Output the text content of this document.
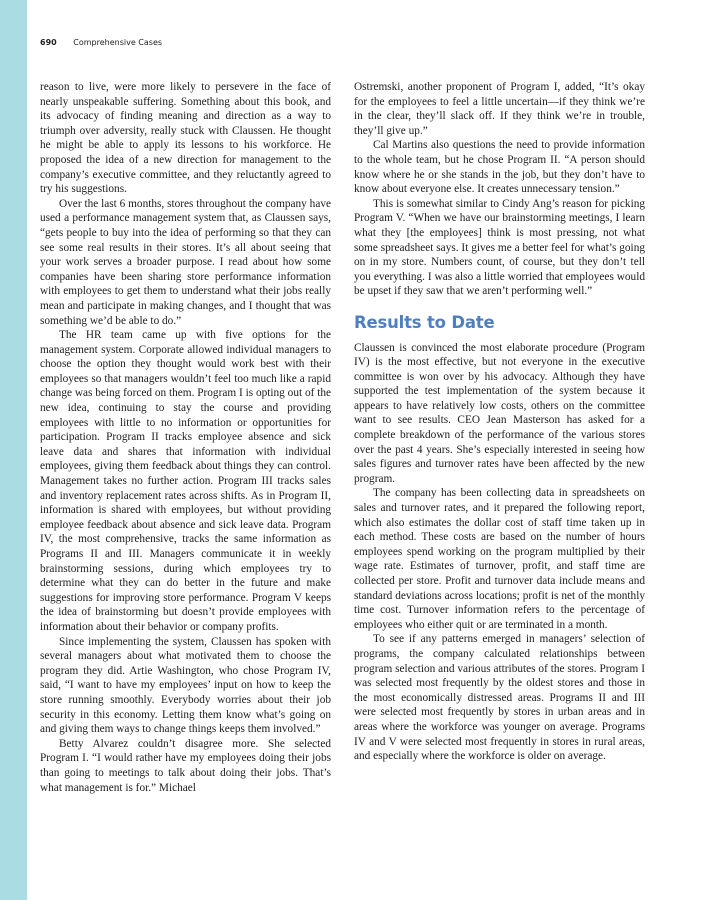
690 Comprehensive Cases

reason to live, were more likely to persevere in the face of nearly unspeakable suffering. Something about this book, and its advocacy of finding meaning and direction as a way to triumph over adversity, really stuck with Claussen. He thought he might be able to apply its lessons to his workforce. He proposed the idea of a new direction for management to the company’s executive committee, and they reluctantly agreed to try his suggestions.

Over the last 6 months, stores throughout the company have used a performance management system that, as Claussen says, “gets people to buy into the idea of performing so that they can see some real results in their stores. It’s all about seeing that your work serves a broader purpose. I read about how some companies have been sharing store performance information with employees to get them to understand what their jobs really mean and participate in making changes, and I thought that was something we’d be able to do.”

The HR team came up with five options for the management system. Corporate allowed individual managers to choose the option they thought would work best with their employees so that managers wouldn’t feel too much like a rapid change was being forced on them. Program I is opting out of the new idea, continuing to stay the course and providing employees with little to no information or opportunities for participation. Program II tracks employee absence and sick leave data and shares that information with individual employees, giving them feedback about things they can control. Management takes no further action. Program III tracks sales and inventory replacement rates across shifts. As in Program II, information is shared with employees, but without providing employee feedback about absence and sick leave data. Program IV, the most comprehensive, tracks the same information as Programs II and III. Managers communicate it in weekly brainstorming sessions, during which employees try to determine what they can do better in the future and make suggestions for improving store performance. Program V keeps the idea of brainstorming but doesn’t provide employees with information about their behavior or company profits.

Since implementing the system, Claussen has spoken with several managers about what motivated them to choose the program they did. Artie Washington, who chose Program IV, said, “I want to have my employees’ input on how to keep the store running smoothly. Everybody worries about their job security in this economy. Letting them know what’s going on and giving them ways to change things keeps them involved.”

Betty Alvarez couldn’t disagree more. She selected Program I. “I would rather have my employees doing their jobs than going to meetings to talk about doing their jobs. That’s what management is for.” Michael

Ostremski, another proponent of Program I, added, “It’s okay for the employees to feel a little uncertain—if they think we’re in the clear, they’ll slack off. If they think we’re in trouble, they’ll give up.”

Cal Martins also questions the need to provide information to the whole team, but he chose Program II. “A person should know where he or she stands in the job, but they don’t have to know about everyone else. It creates unnecessary tension.”

This is somewhat similar to Cindy Ang’s reason for picking Program V. “When we have our brainstorming meetings, I learn what they [the employees] think is most pressing, not what some spreadsheet says. It gives me a better feel for what’s going on in my store. Numbers count, of course, but they don’t tell you everything. I was also a little worried that employees would be upset if they saw that we aren’t performing well.”

Results to Date

Claussen is convinced the most elaborate procedure (Program IV) is the most effective, but not everyone in the executive committee is won over by his advocacy. Although they have supported the test implementation of the system because it appears to have relatively low costs, others on the committee want to see results. CEO Jean Masterson has asked for a complete breakdown of the performance of the various stores over the past 4 years. She’s especially interested in seeing how sales figures and turnover rates have been affected by the new program.

The company has been collecting data in spreadsheets on sales and turnover rates, and it prepared the following report, which also estimates the dollar cost of staff time taken up in each method. These costs are based on the number of hours employees spend working on the program multiplied by their wage rate. Estimates of turnover, profit, and staff time are collected per store. Profit and turnover data include means and standard deviations across locations; profit is net of the monthly time cost. Turnover information refers to the percentage of employees who either quit or are terminated in a month.

To see if any patterns emerged in managers’ selection of programs, the company calculated relationships between program selection and various attributes of the stores. Program I was selected most frequently by the oldest stores and those in the most economically distressed areas. Programs II and III were selected most frequently by stores in urban areas and in areas where the workforce was younger on average. Programs IV and V were selected most frequently in stores in rural areas, and especially where the workforce is older on average.
